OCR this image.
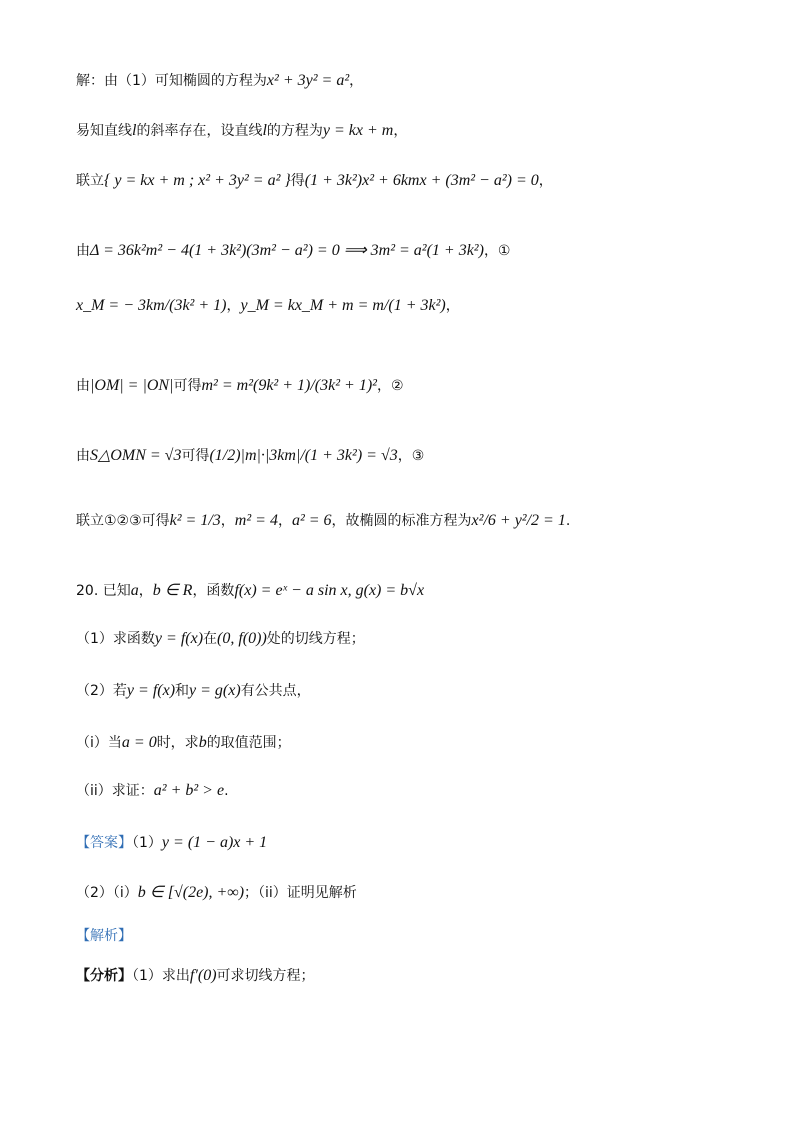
解：由（1）可知椭圆的方程为x² + 3y² = a²，
易知直线l的斜率存在，设直线l的方程为y = kx + m，
联立{ y = kx + m ; x² + 3y² = a² }得(1 + 3k²)x² + 6kmx + (3m² − a²) = 0，
由Δ = 36k²m² − 4(1 + 3k²)(3m² − a²) = 0 ⟹ 3m² = a²(1 + 3k²)，①
x_M = − 3km/(3k² + 1)，y_M = kx_M + m = m/(1 + 3k²)，
由|OM| = |ON|可得m² = m²(9k² + 1)/(3k² + 1)²，②
由S△OMN = √3可得(1/2)|m|·|3km|/(1 + 3k²) = √3，③
联立①②③可得k² = 1/3，m² = 4，a² = 6，故椭圆的标准方程为x²/6 + y²/2 = 1.
20. 已知a，b ∈ R，函数f(x) = eˣ − a sin x, g(x) = b√x
（1）求函数y = f(x)在(0, f(0))处的切线方程；
（2）若y = f(x)和y = g(x)有公共点，
（i）当a = 0时，求b的取值范围；
（ii）求证：a² + b² > e.
【答案】（1）y = (1 − a)x + 1
（2）（i）b ∈ [√(2e), +∞)；（ii）证明见解析
【解析】
【分析】（1）求出f′(0)可求切线方程；
